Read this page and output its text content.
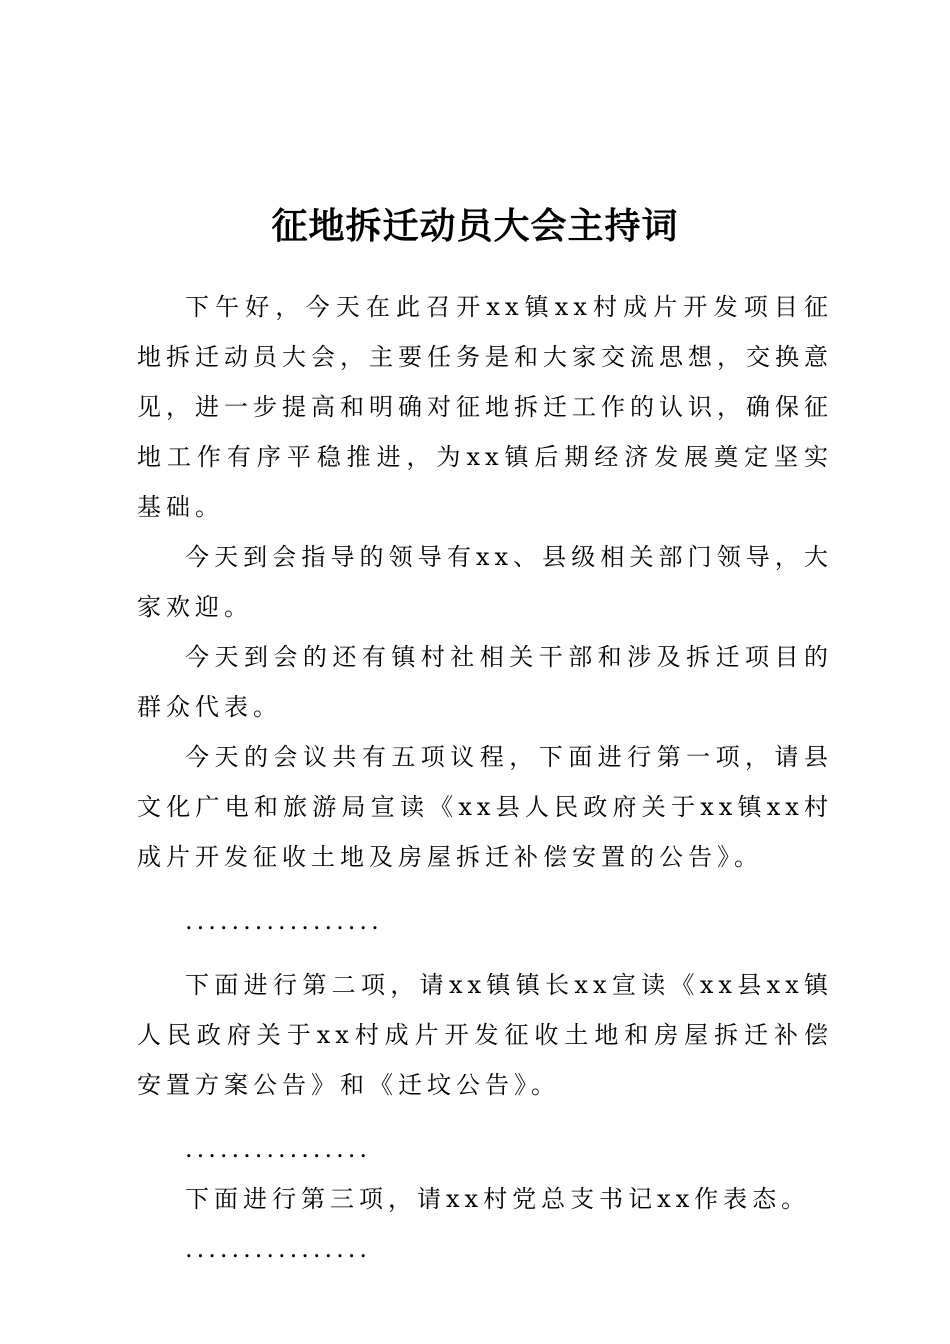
征地拆迁动员大会主持词

下午好，今天在此召开xx镇xx村成片开发项目征地拆迁动员大会，主要任务是和大家交流思想，交换意见，进一步提高和明确对征地拆迁工作的认识，确保征地工作有序平稳推进，为xx镇后期经济发展奠定坚实基础。

今天到会指导的领导有xx、县级相关部门领导，大家欢迎。

今天到会的还有镇村社相关干部和涉及拆迁项目的群众代表。

今天的会议共有五项议程，下面进行第一项，请县文化广电和旅游局宣读《xx县人民政府关于xx镇xx村成片开发征收土地及房屋拆迁补偿安置的公告》。

.................

下面进行第二项，请xx镇镇长xx宣读《xx县xx镇人民政府关于xx村成片开发征收土地和房屋拆迁补偿安置方案公告》和《迁坟公告》。

................

下面进行第三项，请xx村党总支书记xx作表态。

................
